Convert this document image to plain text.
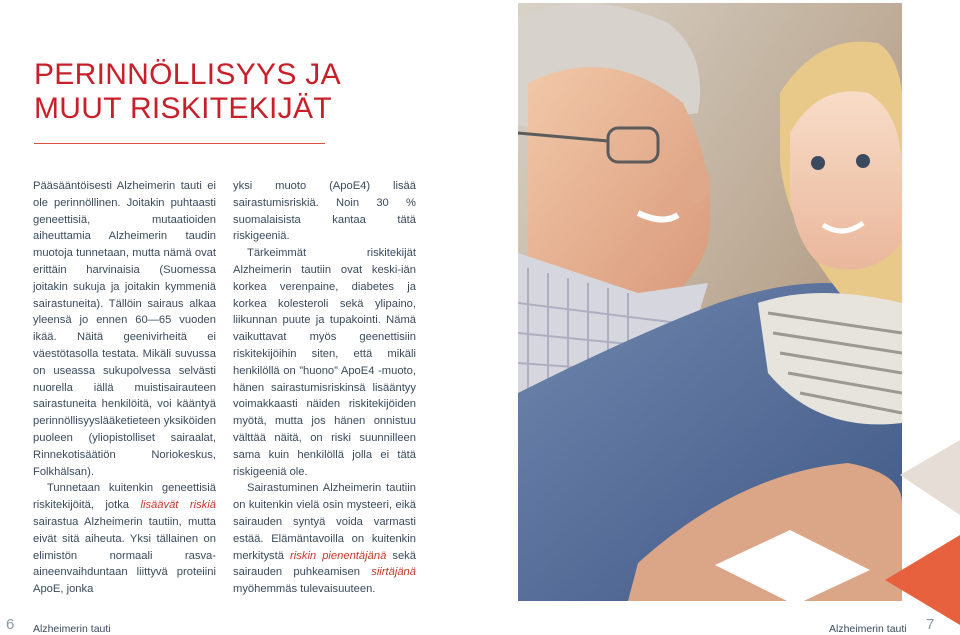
PERINNÖLLISYYS JA
MUUT RISKITEKIJÄT

Pääsääntöisesti Alzheimerin tauti ei ole perinnöllinen. Joitakin puhtaasti geneettisiä, mutaatioiden aiheuttamia Alzheimerin taudin muotoja tunnetaan, mutta nämä ovat erittäin harvinaisia (Suomessa joitakin sukuja ja joitakin kymmeniä sairastuneita). Tällöin sairaus alkaa yleensä jo ennen 60—65 vuoden ikää. Näitä geenivirheitä ei väestötasolla testata. Mikäli suvussa on useassa sukupolvessa selvästi nuorella iällä muistisairauteen sairastuneita henkilöitä, voi kääntyä perinnöllisyyslääketieteen yksiköiden puoleen (yliopistolliset sairaalat, Rinnekotisäätiön Noriokeskus, Folkhälsan).

Tunnetaan kuitenkin geneettisiä riskitekijöitä, jotka lisäävät riskiä sairastua Alzheimerin tautiin, mutta eivät sitä aiheuta. Yksi tällainen on elimistön normaali rasva-aineenvaihduntaan liittyvä proteiini ApoE, jonka

yksi muoto (ApoE4) lisää sairastumisriskiä. Noin 30 % suomalaisista kantaa tätä riskigeeniä.

Tärkeimmät riskitekijät Alzheimerin tautiin ovat keski-iän korkea verenpaine, diabetes ja korkea kolesteroli sekä ylipaino, liikunnan puute ja tupakointi. Nämä vaikuttavat myös geenettisiin riskitekijöihin siten, että mikäli henkilöllä on ”huono” ApoE4 -muoto, hänen sairastumisriskinsä lisääntyy voimakkaasti näiden riskitekijöiden myötä, mutta jos hänen onnistuu välttää näitä, on riski suunnilleen sama kuin henkilöllä jolla ei tätä riskigeeniä ole.

Sairastuminen Alzheimerin tautiin on kuitenkin vielä osin mysteeri, eikä sairauden syntyä voida varmasti estää. Elämäntavoilla on kuitenkin merkitystä riskin pienentäjänä sekä sairauden puhkeamisen siirtäjänä myöhemmäs tulevaisuuteen.

6 Alzheimerin tauti	Alzheimerin tauti 7
